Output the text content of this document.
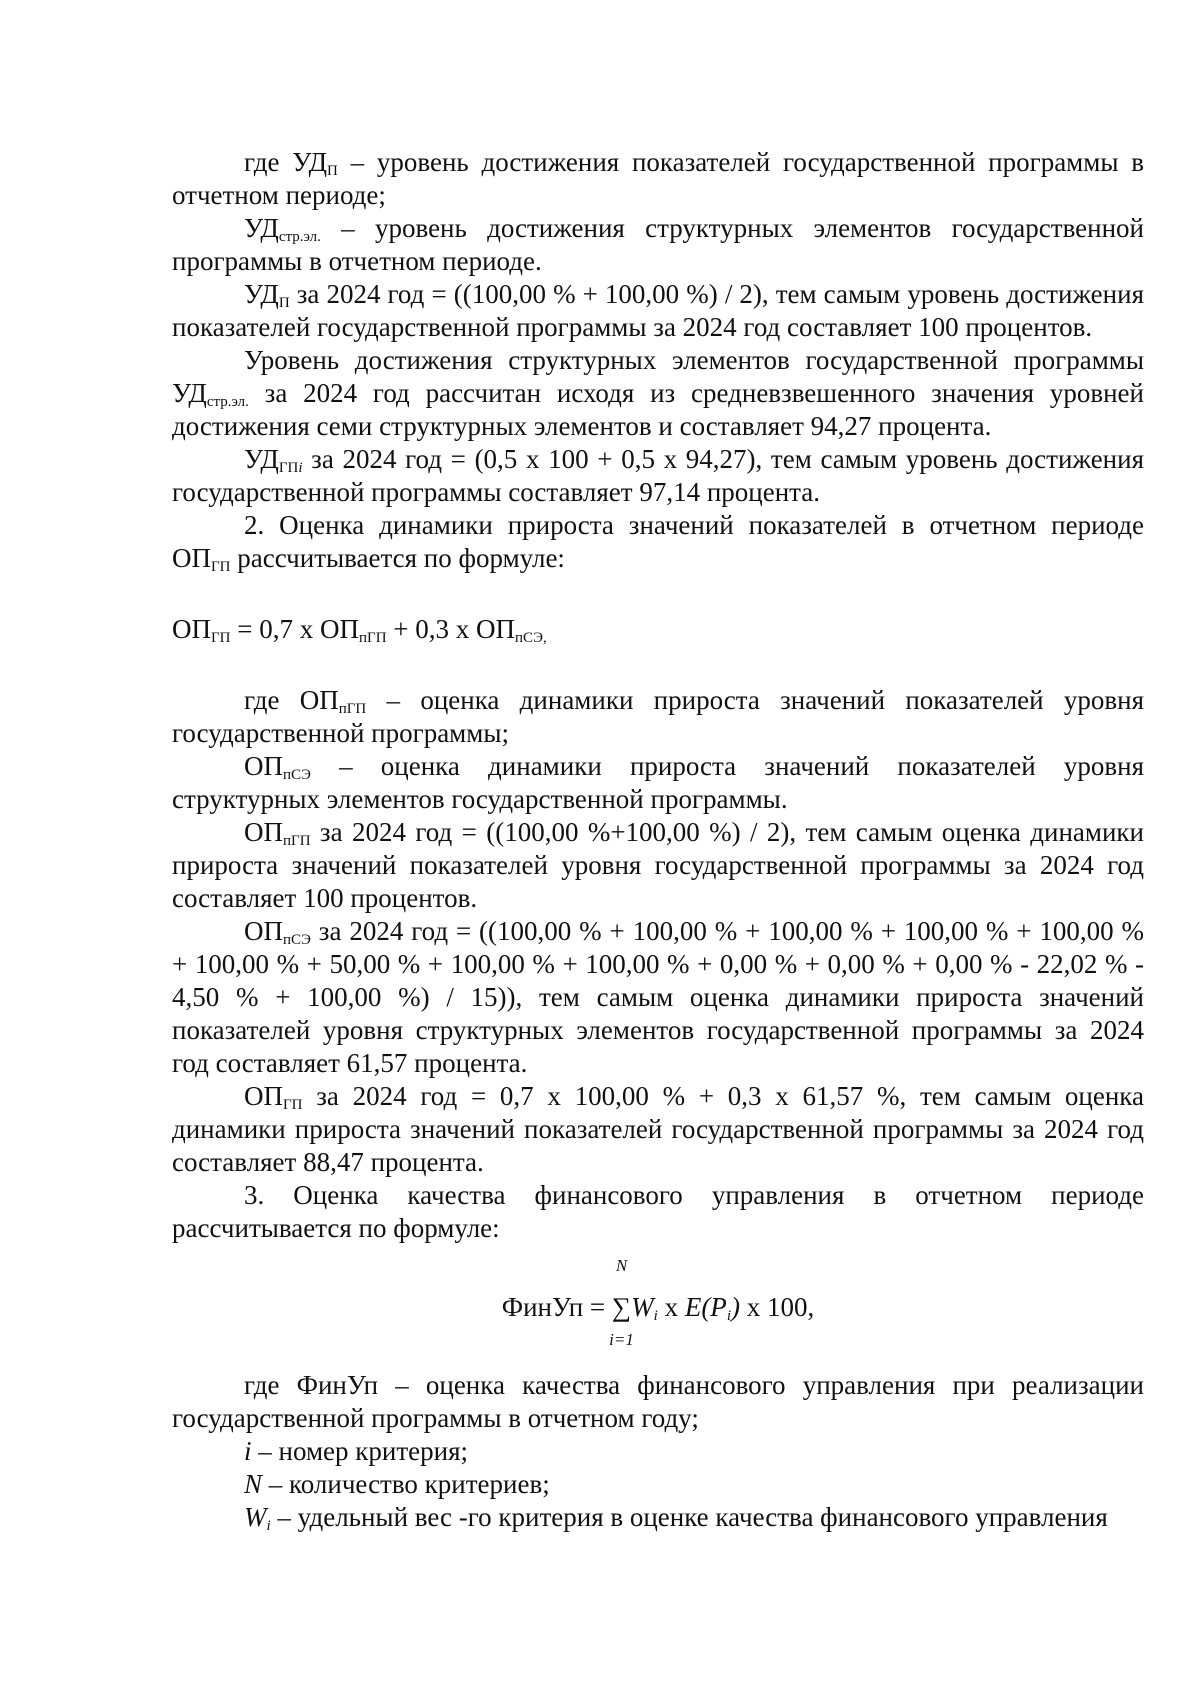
где $УД_П$ – уровень достижения показателей государственной программы в отчетном периоде;

$УД_{стр.эл.}$ – уровень достижения структурных элементов государственной программы в отчетном периоде.

$УД_П$ за 2024 год = ((100,00 % + 100,00 %) / 2), тем самым уровень достижения показателей государственной программы за 2024 год составляет 100 процентов.

Уровень достижения структурных элементов государственной программы $УД_{стр.эл.}$ за 2024 год рассчитан исходя из средневзвешенного значения уровней достижения семи структурных элементов и составляет 94,27 процента.

$УД_{ГПi}$ за 2024 год = (0,5 х 100 + 0,5 х 94,27), тем самым уровень достижения государственной программы составляет 97,14 процента.

2. Оценка динамики прироста значений показателей в отчетном периоде $ОП_{ГП}$ рассчитывается по формуле:

$ОП_{ГП} = 0,7$ х $ОП_{пГП} + 0,3$ х $ОП_{пСЭ,}$

где $ОП_{пГП}$ – оценка динамики прироста значений показателей уровня государственной программы;

$ОП_{пСЭ}$ – оценка динамики прироста значений показателей уровня структурных элементов государственной программы.

$ОП_{пГП}$ за 2024 год = ((100,00 %+100,00 %) / 2), тем самым оценка динамики прироста значений показателей уровня государственной программы за 2024 год составляет 100 процентов.

$ОП_{пСЭ}$ за 2024 год = ((100,00 % + 100,00 % + 100,00 % + 100,00 % + 100,00 % + 100,00 % + 50,00 % + 100,00 % + 100,00 % + 0,00 % + 0,00 % + 0,00 % - 22,02 % - 4,50 % + 100,00 %) / 15)), тем самым оценка динамики прироста значений показателей уровня структурных элементов государственной программы за 2024 год составляет 61,57 процента.

$ОП_{ГП}$ за 2024 год = 0,7 х 100,00 % + 0,3 х 61,57 %, тем самым оценка динамики прироста значений показателей государственной программы за 2024 год составляет 88,47 процента.

3. Оценка качества финансового управления в отчетном периоде рассчитывается по формуле:

ФинУп =
N
∑
i=1
$W_i$ х $E(P_i)$ х 100,

где ФинУп – оценка качества финансового управления при реализации государственной программы в отчетном году;

i – номер критерия;

N – количество критериев;

$W_i$ – удельный вес -го критерия в оценке качества финансового управления
